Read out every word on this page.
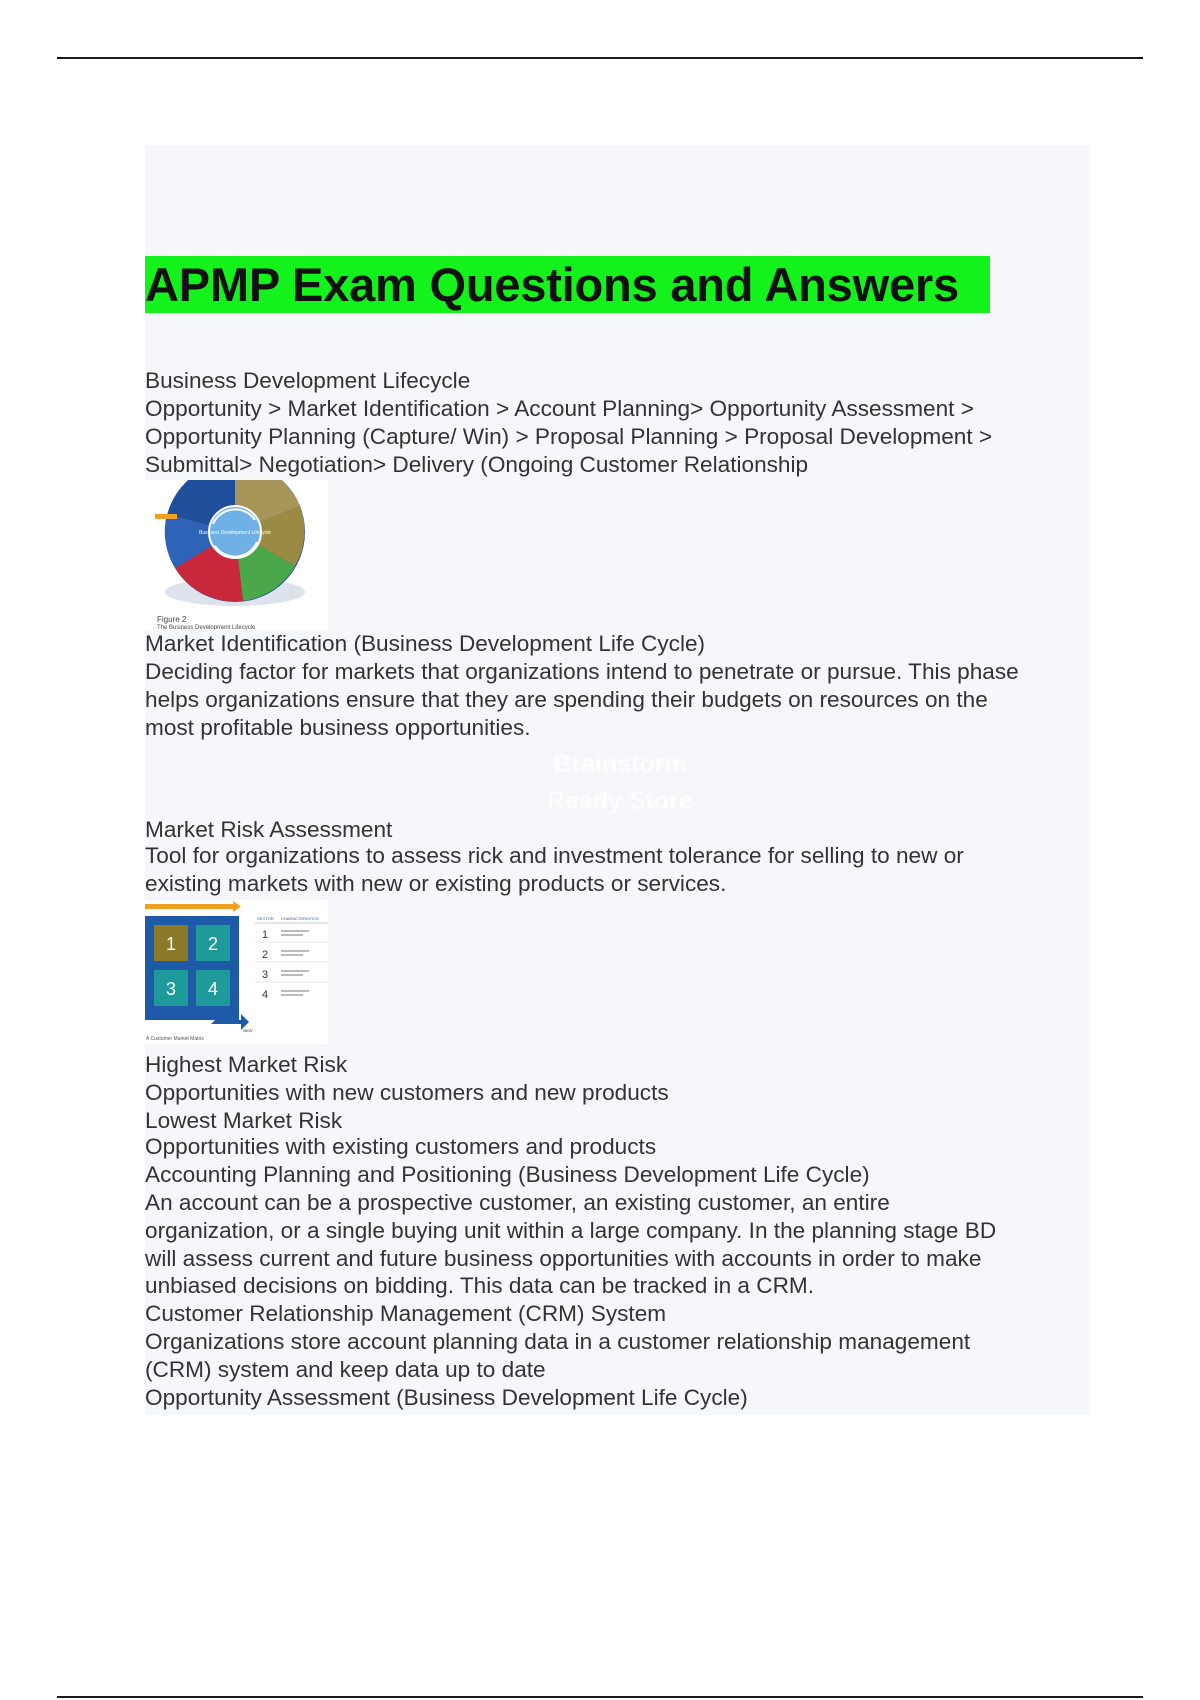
APMP Exam Questions and Answers

Business Development Lifecycle

Opportunity > Market Identification > Account Planning> Opportunity Assessment >

Opportunity Planning (Capture/ Win) > Proposal Planning > Proposal Development >

Submittal> Negotiation> Delivery (Ongoing Customer Relationship

Business Development Lifecycle
Figure 2
The Business Development Lifecycle

Market Identification (Business Development Life Cycle)

Deciding factor for markets that organizations intend to penetrate or pursue. This phase

helps organizations ensure that they are spending their budgets on resources on the

most profitable business opportunities.

Brainstorm
Ready Store

Market Risk Assessment

Tool for organizations to assess rick and investment tolerance for selling to new or

existing markets with new or existing products or services.

1 2
3 4
NEW
SECTOR CHARACTERISTICS
1
2
3
4
A Customer Market Matrix

Highest Market Risk

Opportunities with new customers and new products

Lowest Market Risk

Opportunities with existing customers and products

Accounting Planning and Positioning (Business Development Life Cycle)

An account can be a prospective customer, an existing customer, an entire

organization, or a single buying unit within a large company. In the planning stage BD

will assess current and future business opportunities with accounts in order to make

unbiased decisions on bidding. This data can be tracked in a CRM.

Customer Relationship Management (CRM) System

Organizations store account planning data in a customer relationship management

(CRM) system and keep data up to date

Opportunity Assessment (Business Development Life Cycle)
